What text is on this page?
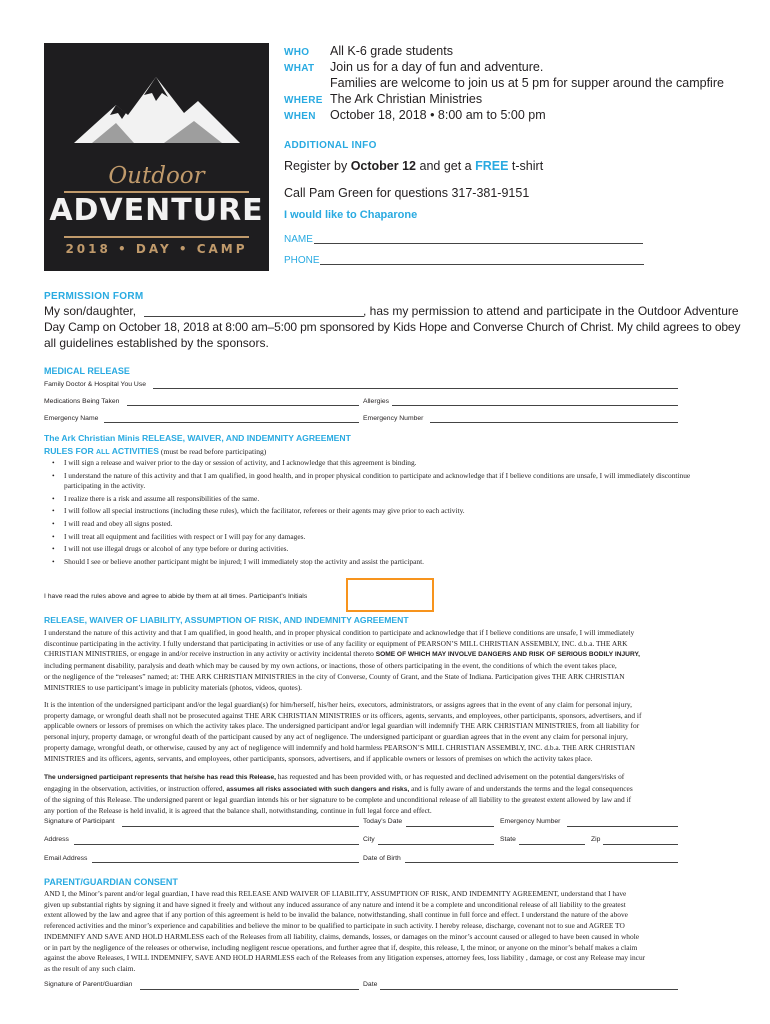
Outdoor
ADVENTURE
2018 • DAY • CAMP
WHO All K-6 grade students
WHAT Join us for a day of fun and adventure.
Families are welcome to join us at 5 pm for supper around the campfire
WHERE The Ark Christian Ministries
WHEN October 18, 2018 • 8:00 am to 5:00 pm
ADDITIONAL INFO
Register by October 12 and get a FREE t-shirt
Call Pam Green for questions 317-381-9151
I would like to Chaparone
NAME
PHONE
PERMISSION FORM
My son/daughter,	, has my permission to attend and participate in the Outdoor Adventure
Day Camp on October 18, 2018 at 8:00 am–5:00 pm sponsored by Kids Hope and Converse Church of Christ. My child agrees to obey
all guidelines established by the sponsors.
MEDICAL RELEASE
Family Doctor & Hospital You Use
Medications Being Taken	Allergies
Emergency Name	Emergency Number
The Ark Christian Minis RELEASE, WAIVER, AND INDEMNITY AGREEMENT
RULES FOR ALL ACTIVITIES (must be read before participating)
• I will sign a release and waiver prior to the day or session of activity, and I acknowledge that this agreement is binding.
• I understand the nature of this activity and that I am qualified, in good health, and in proper physical condition to participate and acknowledge that if I believe conditions are unsafe, I will immediately discontinue participating in the activity.
• I realize there is a risk and assume all responsibilities of the same.
• I will follow all special instructions (including these rules), which the facilitator, referees or their agents may give prior to each activity.
• I will read and obey all signs posted.
• I will treat all equipment and facilities with respect or I will pay for any damages.
• I will not use illegal drugs or alcohol of any type before or during activities.
• Should I see or believe another participant might be injured; I will immediately stop the activity and assist the participant.
I have read the rules above and agree to abide by them at all times. Participant’s Initials
RELEASE, WAIVER OF LIABILITY, ASSUMPTION OF RISK, AND INDEMNITY AGREEMENT
I understand the nature of this activity and that I am qualified, in good health, and in proper physical condition to participate and acknowledge that if I believe conditions are unsafe, I will immediately
discontinue participating in the activity. I fully understand that participating in activities or use of any facility or equipment of PEARSON’S MILL CHRISTIAN ASSEMBLY, INC. d.b.a. THE ARK
CHRISTIAN MINISTRIES, or engage in and/or receive instruction in any activity or activity incidental thereto SOME OF WHICH MAY INVOLVE DANGERS AND RISK OF SERIOUS BODILY INJURY,
including permanent disability, paralysis and death which may be caused by my own actions, or inactions, those of others participating in the event, the conditions of which the event takes place,
or the negligence of the “releases” named; at: THE ARK CHRISTIAN MINISTRIES in the city of Converse, County of Grant, and the State of Indiana. Participation gives THE ARK CHRISTIAN
MINISTRIES to use participant’s image in publicity materials (photos, videos, quotes).
It is the intention of the undersigned participant and/or the legal guardian(s) for him/herself, his/her heirs, executors, administrators, or assigns agrees that in the event of any claim for personal injury,
property damage, or wrongful death shall not be prosecuted against THE ARK CHRISTIAN MINISTRIES or its officers, agents, servants, and employees, other participants, sponsors, advertisers, and if
applicable owners or lessors of premises on which the activity takes place. The undersigned participant and/or legal guardian will indemnify THE ARK CHRISTIAN MINISTRIES, from all liability for
personal injury, property damage, or wrongful death of the participant caused by any act of negligence. The undersigned participant or guardian agrees that in the event any claim for personal injury,
property damage, wrongful death, or otherwise, caused by any act of negligence will indemnify and hold harmless PEARSON’S MILL CHRISTIAN ASSEMBLY, INC. d.b.a. THE ARK CHRISTIAN
MINISTRIES and its officers, agents, servants, and employees, other participants, sponsors, advertisers, and if applicable owners or lessors of premises on which the activity takes place.
The undersigned participant represents that he/she has read this Release, has requested and has been provided with, or has requested and declined advisement on the potential dangers/risks of
engaging in the observation, activities, or instruction offered, assumes all risks associated with such dangers and risks, and is fully aware of and understands the terms and the legal consequences
of the signing of this Release. The undersigned parent or legal guardian intends his or her signature to be complete and unconditional release of all liability to the greatest extent allowed by law and if
any portion of the Release is held invalid, it is agreed that the balance shall, notwithstanding, continue in full legal force and effect.
Signature of Participant	Today’s Date	Emergency Number
Address	City	State	Zip
Email Address	Date of Birth
PARENT/GUARDIAN CONSENT
AND I, the Minor’s parent and/or legal guardian, I have read this RELEASE AND WAIVER OF LIABILITY, ASSUMPTION OF RISK, AND INDEMNITY AGREEMENT, understand that I have
given up substantial rights by signing it and have signed it freely and without any induced assurance of any nature and intend it be a complete and unconditional release of all liability to the greatest
extent allowed by the law and agree that if any portion of this agreement is held to be invalid the balance, notwithstanding, shall continue in full force and effect. I understand the nature of the above
referenced activities and the minor’s experience and capabilities and believe the minor to be qualified to participate in such activity. I hereby release, discharge, covenant not to sue and AGREE TO
INDEMNIFY AND SAVE AND HOLD HARMLESS each of the Releases from all liability, claims, demands, losses, or damages on the minor’s account caused or alleged to have been caused in whole
or in part by the negligence of the releases or otherwise, including negligent rescue operations, and further agree that if, despite, this release, I, the minor, or anyone on the minor’s behalf makes a claim
against the above Releases, I WILL INDEMNIFY, SAVE AND HOLD HARMLESS each of the Releases from any litigation expenses, attorney fees, loss liability , damage, or cost any Release may incur
as the result of any such claim.
Signature of Parent/Guardian	Date
